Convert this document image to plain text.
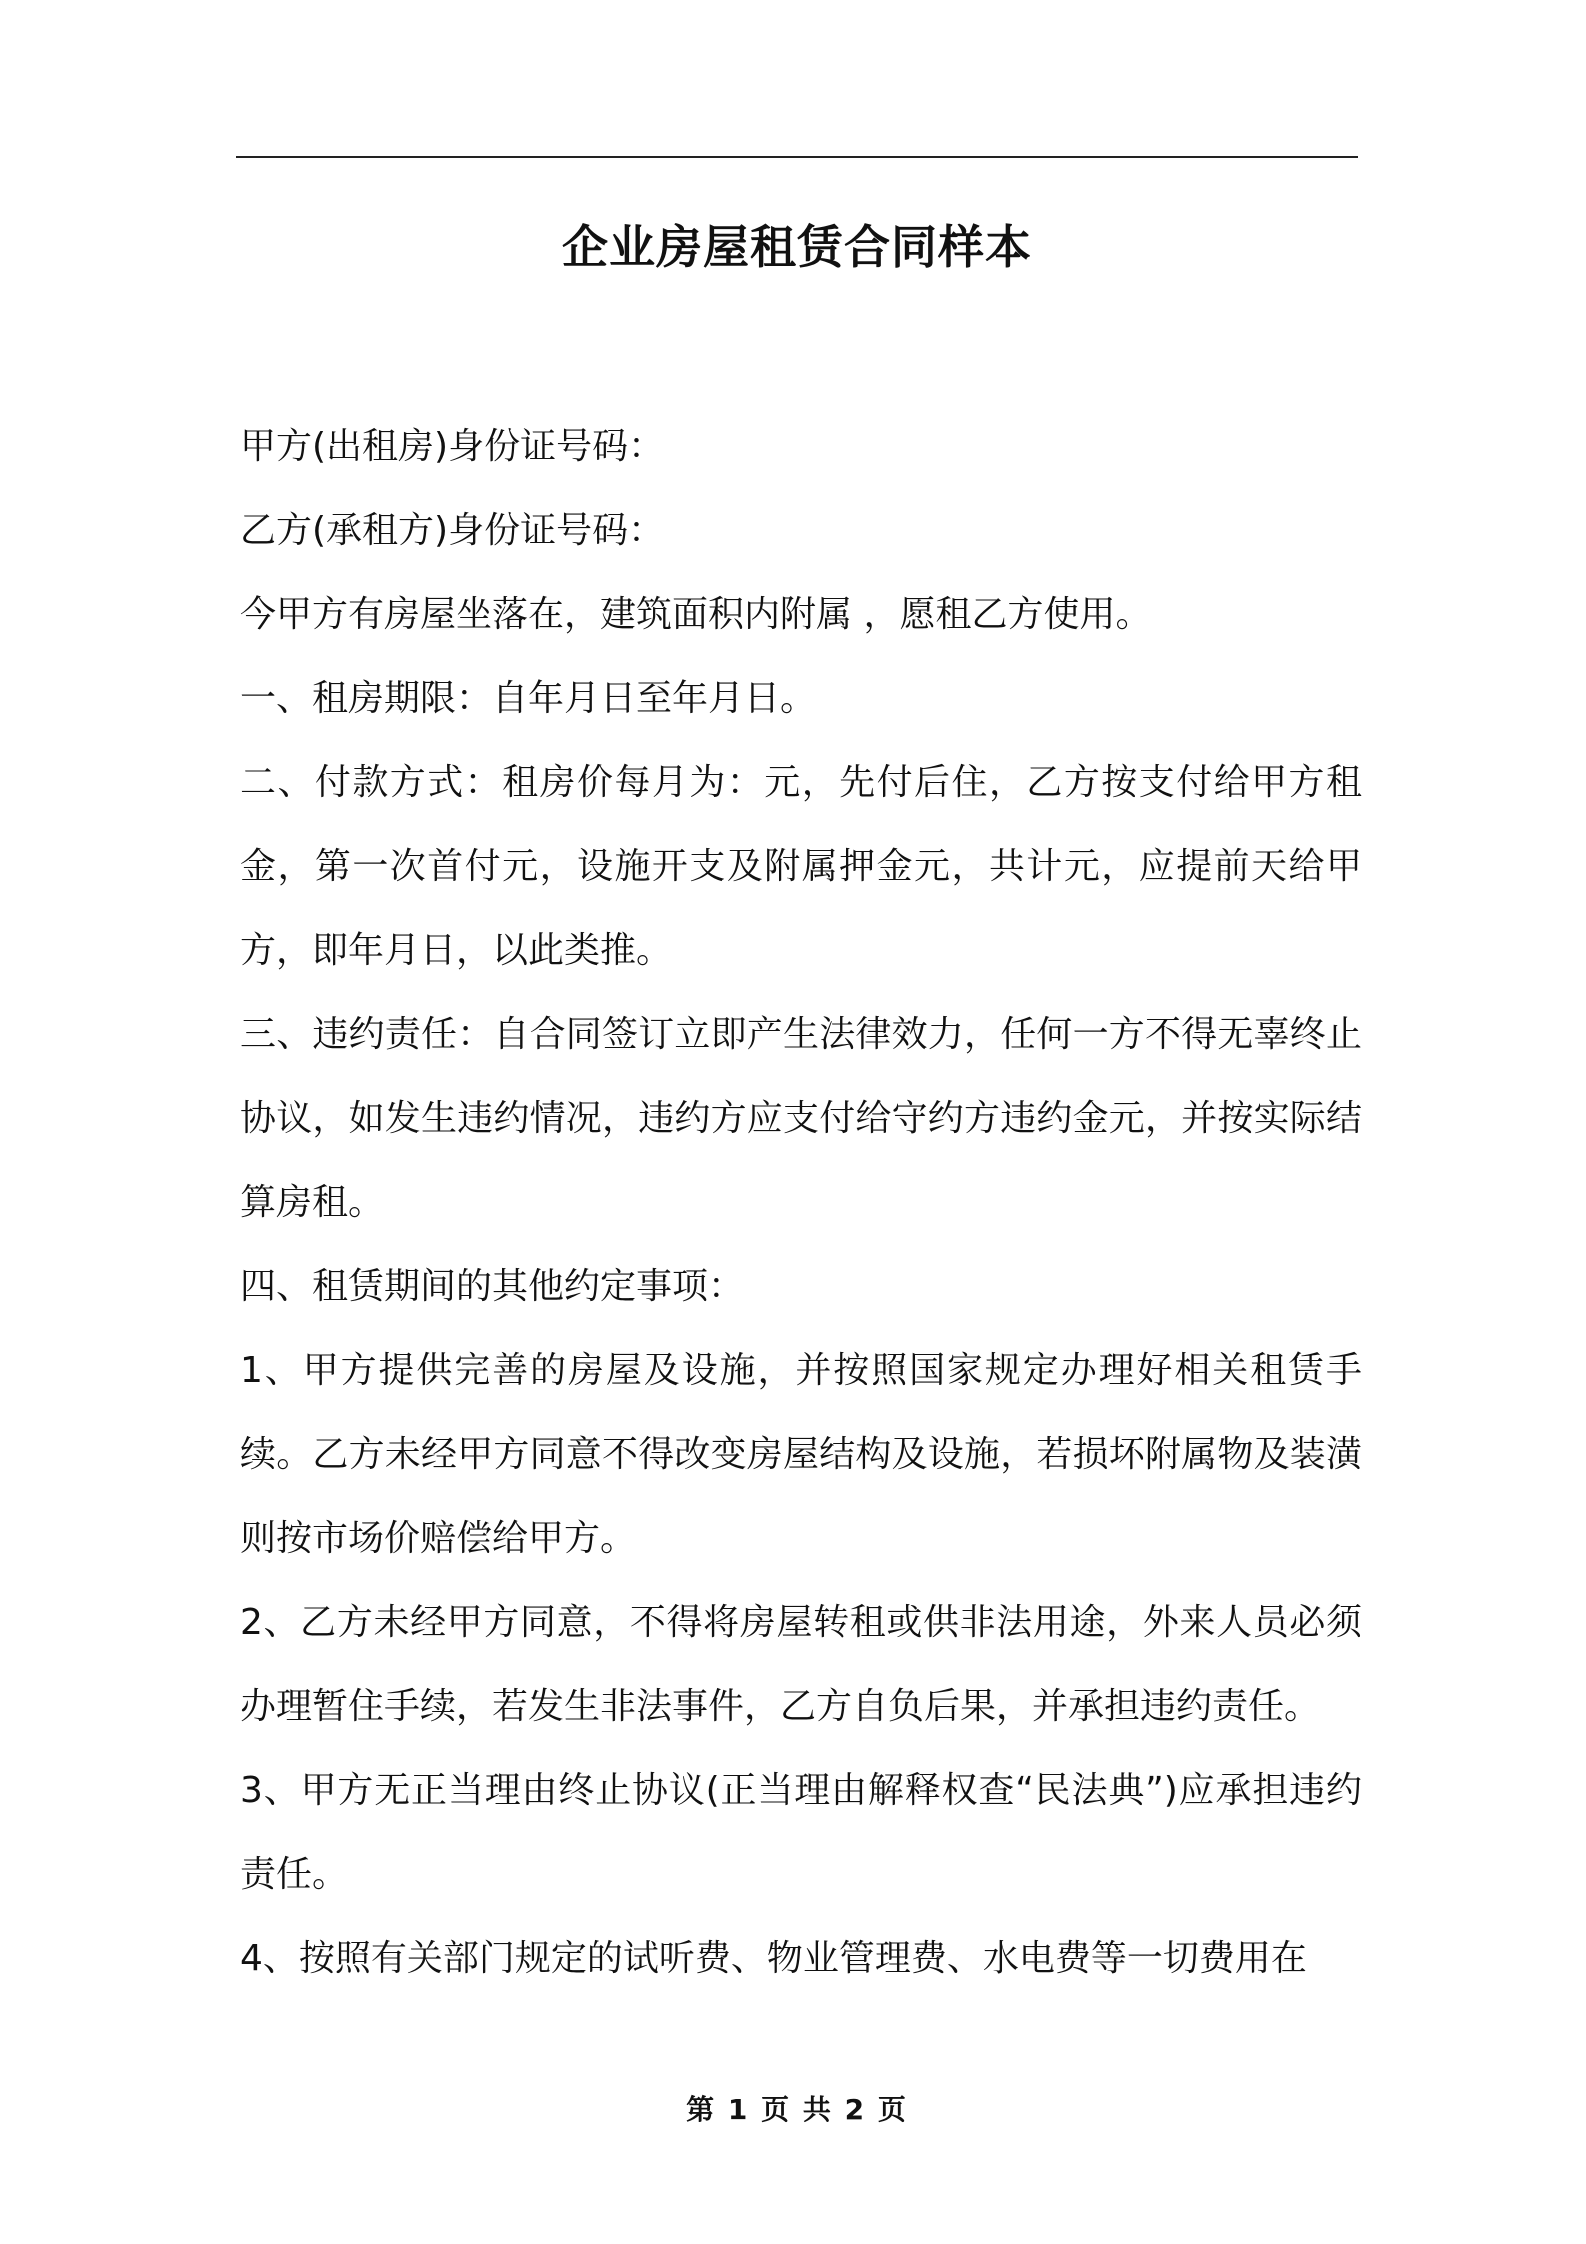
企业房屋租赁合同样本

甲方(出租房)身份证号码：

乙方(承租方)身份证号码：

今甲方有房屋坐落在，建筑面积内附属 ，愿租乙方使用。

一、租房期限：自年月日至年月日。

二、付款方式：租房价每月为：元，先付后住，乙方按支付给甲方租金，第一次首付元，设施开支及附属押金元，共计元，应提前天给甲方，即年月日，以此类推。

三、违约责任：自合同签订立即产生法律效力，任何一方不得无辜终止协议，如发生违约情况，违约方应支付给守约方违约金元，并按实际结算房租。

四、租赁期间的其他约定事项：

1、甲方提供完善的房屋及设施，并按照国家规定办理好相关租赁手续。乙方未经甲方同意不得改变房屋结构及设施，若损坏附属物及装潢则按市场价赔偿给甲方。

2、乙方未经甲方同意，不得将房屋转租或供非法用途，外来人员必须办理暂住手续，若发生非法事件，乙方自负后果，并承担违约责任。

3、甲方无正当理由终止协议(正当理由解释权查“民法典”)应承担违约责任。

4、按照有关部门规定的试听费、物业管理费、水电费等一切费用在

第 1 页 共 2 页
